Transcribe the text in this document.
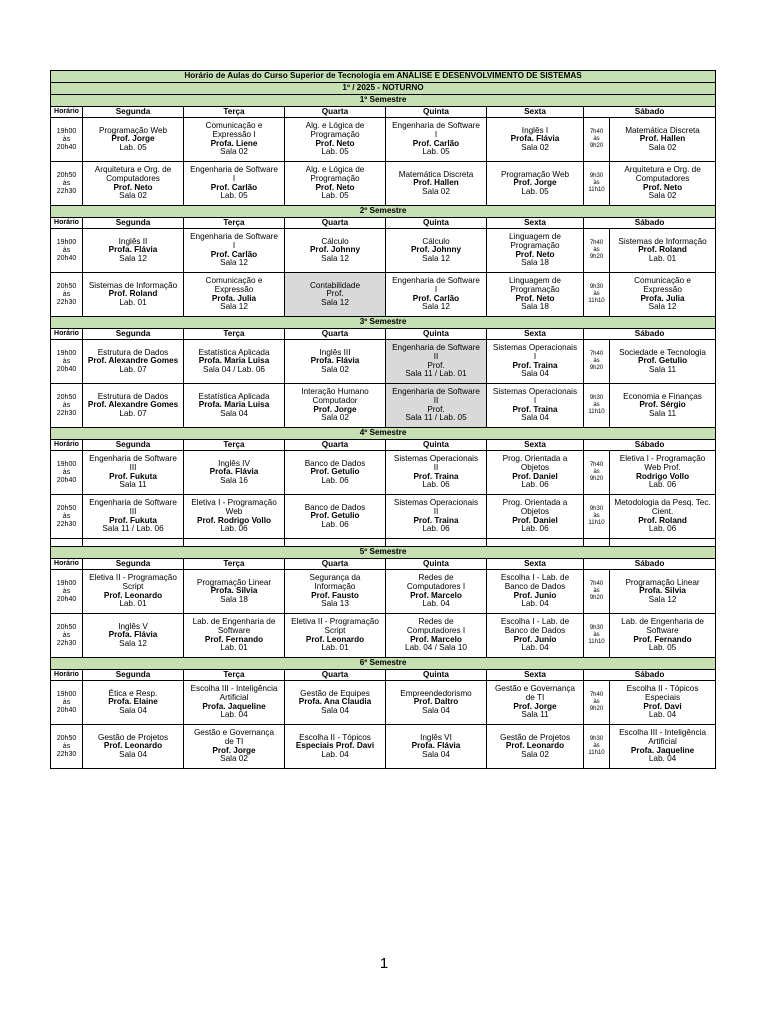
Horário de Aulas do Curso Superior de Tecnologia em ANÁLISE E DESENVOLVIMENTO DE SISTEMAS							
1º / 2025 - NOTURNO							
1º Semestre							
Horário	Segunda	Terça	Quarta	Quinta	Sexta	Sábado	

19h00
às
20h40	Programação Web
Prof. Jorge
Lab. 05	Comunicação e
Expressão I
Profa. Liene
Sala 02	Alg. e Lógica de
Programação
Prof. Neto
Lab. 05	Engenharia de Software
I
Prof. Carlão
Lab. 05	Inglês I
Profa. Flávia
Sala 02	7h40
às
9h20	Matemática Discreta
Prof. Hallen
Sala 02

20h50
às
22h30	Arquitetura e Org. de
Computadores
Prof. Neto
Sala 02	Engenharia de Software
I
Prof. Carlão
Lab. 05	Alg. e Lógica de
Programação
Prof. Neto
Lab. 05	Matemática Discreta
Prof. Hallen
Sala 02	Programação Web
Prof. Jorge
Lab. 05	9h30
às
11h10	Arquitetura e Org. de
Computadores
Prof. Neto
Sala 02

2º Semestre							
Horário	Segunda	Terça	Quarta	Quinta	Sexta	Sábado	

19h00
às
20h40	Inglês II
Profa. Flávia
Sala 12	Engenharia de Software
I
Prof. Carlão
Sala 12	Cálculo
Prof. Johnny
Sala 12	Cálculo
Prof. Johnny
Sala 12	Linguagem de
Programação
Prof. Neto
Sala 18	7h40
às
9h20	Sistemas de Informação
Prof. Roland
Lab. 01

20h50
às
22h30	Sistemas de Informação
Prof. Roland
Lab. 01	Comunicação e
Expressão
Profa. Julia
Sala 12	Contabilidade
Prof.
Sala 12	Engenharia de Software
I
Prof. Carlão
Sala 12	Linguagem de
Programação
Prof. Neto
Sala 18	9h30
às
11h10	Comunicação e
Expressão
Profa. Julia
Sala 12

3º Semestre							
Horário	Segunda	Terça	Quarta	Quinta	Sexta	Sábado	

19h00
às
20h40	Estrutura de Dados
Prof. Alexandre Gomes
Lab. 07	Estatística Aplicada
Profa. Maria Luisa
Sala 04 / Lab. 06	Inglês III
Profa. Flávia
Sala 02	Engenharia de Software
II
Prof.
Sala 11 / Lab. 01	Sistemas Operacionais
I
Prof. Traina
Sala 04	7h40
às
9h20	Sociedade e Tecnologia
Prof. Getulio
Sala 11

20h50
às
22h30	Estrutura de Dados
Prof. Alexandre Gomes
Lab. 07	Estatística Aplicada
Profa. Maria Luisa
Sala 04	Interação Humano
Computador
Prof. Jorge
Sala 02	Engenharia de Software
II
Prof.
Sala 11 / Lab. 05	Sistemas Operacionais
I
Prof. Traina
Sala 04	9h30
às
11h10	Economia e Finanças
Prof. Sérgio
Sala 11

4º Semestre							
Horário	Segunda	Terça	Quarta	Quinta	Sexta	Sábado	

19h00
às
20h40	Engenharia de Software
III
Prof. Fukuta
Sala 11	Inglês IV
Profa. Flávia
Sala 16	Banco de Dados
Prof. Getulio
Lab. 06	Sistemas Operacionais
II
Prof. Traina
Lab. 06	Prog. Orientada a
Objetos
Prof. Daniel
Lab. 06	7h40
às
9h20	Eletiva I - Programação
Web Prof.
Rodrigo Vollo
Lab. 06

20h50
às
22h30	Engenharia de Software
III
Prof. Fukuta
Sala 11 / Lab. 06	Eletiva I - Programação
Web
Prof. Rodrigo Vollo
Lab. 06	Banco de Dados
Prof. Getulio
Lab. 06	Sistemas Operacionais
II
Prof. Traina
Lab. 06	Prog. Orientada a
Objetos
Prof. Daniel
Lab. 06	9h30
às
11h10	Metodologia da Pesq. Tec.
Cient.
Prof. Roland
Lab. 06

5º Semestre							
Horário	Segunda	Terça	Quarta	Quinta	Sexta	Sábado	

19h00
às
20h40	Eletiva II - Programação
Script
Prof. Leonardo
Lab. 01	Programação Linear
Profa. Silvia
Sala 18	Segurança da
Informação
Prof. Fausto
Sala 13	Redes de
Computadores I
Prof. Marcelo
Lab. 04	Escolha I - Lab. de
Banco de Dados
Prof. Junio
Lab. 04	7h40
às
9h20	Programação Linear
Profa. Silvia
Sala 12

20h50
às
22h30	Inglês V
Profa. Flávia
Sala 12	Lab. de Engenharia de
Software
Prof. Fernando
Lab. 01	Eletiva II - Programação
Script
Prof. Leonardo
Lab. 01	Redes de
Computadores I
Prof. Marcelo
Lab. 04 / Sala 10	Escolha I - Lab. de
Banco de Dados
Prof. Junio
Lab. 04	9h30
às
11h10	Lab. de Engenharia de
Software
Prof. Fernando
Lab. 05

6º Semestre							
Horário	Segunda	Terça	Quarta	Quinta	Sexta	Sábado	

19h00
às
20h40	Ética e Resp.
Profa. Elaine
Sala 04	Escolha III - Inteligência
Artificial
Profa. Jaqueline
Lab. 04	Gestão de Equipes
Profa. Ana Claudia
Sala 04	Empreendedorismo
Prof. Daltro
Sala 04	Gestão e Governança
de TI
Prof. Jorge
Sala 11	7h40
às
9h20	Escolha II - Tópicos
Especiais
Prof. Davi
Lab. 04

20h50
às
22h30	Gestão de Projetos
Prof. Leonardo
Sala 04	Gestão e Governança
de TI
Prof. Jorge
Sala 02	Escolha II - Tópicos
Especiais Prof. Davi
Lab. 04	Inglês VI
Profa. Flávia
Sala 04	Gestão de Projetos
Prof. Leonardo
Sala 02	9h30
às
11h10	Escolha III - Inteligência
Artificial
Profa. Jaqueline
Lab. 04
1
